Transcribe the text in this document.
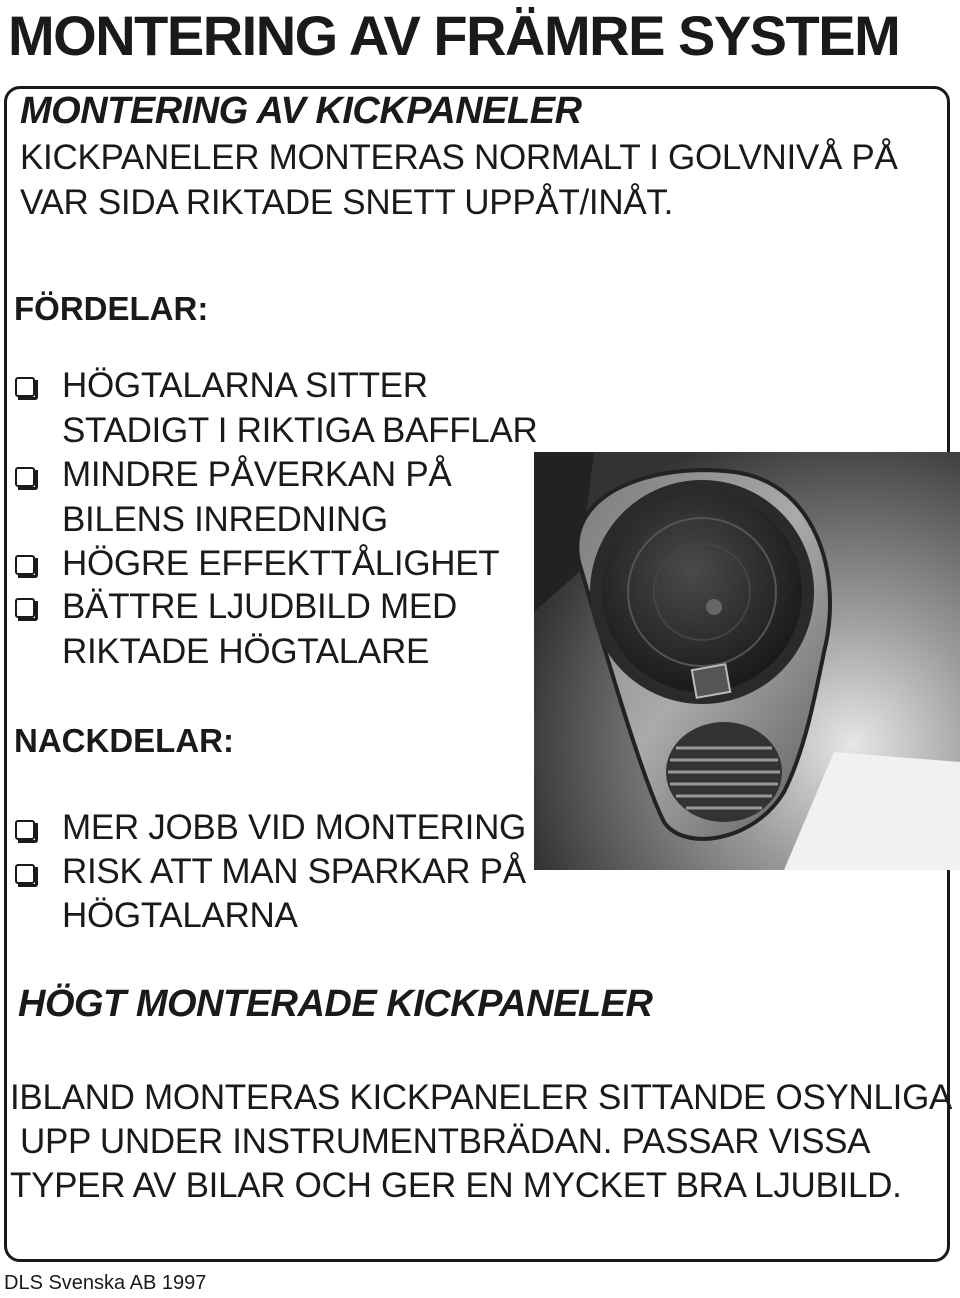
MONTERING AV FRÄMRE SYSTEM
MONTERING AV KICKPANELER
KICKPANELER MONTERAS NORMALT I GOLVNIVÅ PÅ
VAR SIDA RIKTADE SNETT UPPÅT/INÅT.
FÖRDELAR:
HÖGTALARNA SITTER
STADIGT I RIKTIGA BAFFLAR
MINDRE PÅVERKAN PÅ
BILENS INREDNING
HÖGRE EFFEKTTÅLIGHET
BÄTTRE LJUDBILD MED
RIKTADE HÖGTALARE
NACKDELAR:
MER JOBB VID MONTERING
RISK ATT MAN SPARKAR PÅ
HÖGTALARNA
HÖGT MONTERADE KICKPANELER
IBLAND MONTERAS KICKPANELER SITTANDE OSYNLIGA
UPP UNDER INSTRUMENTBRÄDAN. PASSAR VISSA
TYPER AV BILAR OCH GER EN MYCKET BRA LJUBILD.
DLS Svenska AB 1997
